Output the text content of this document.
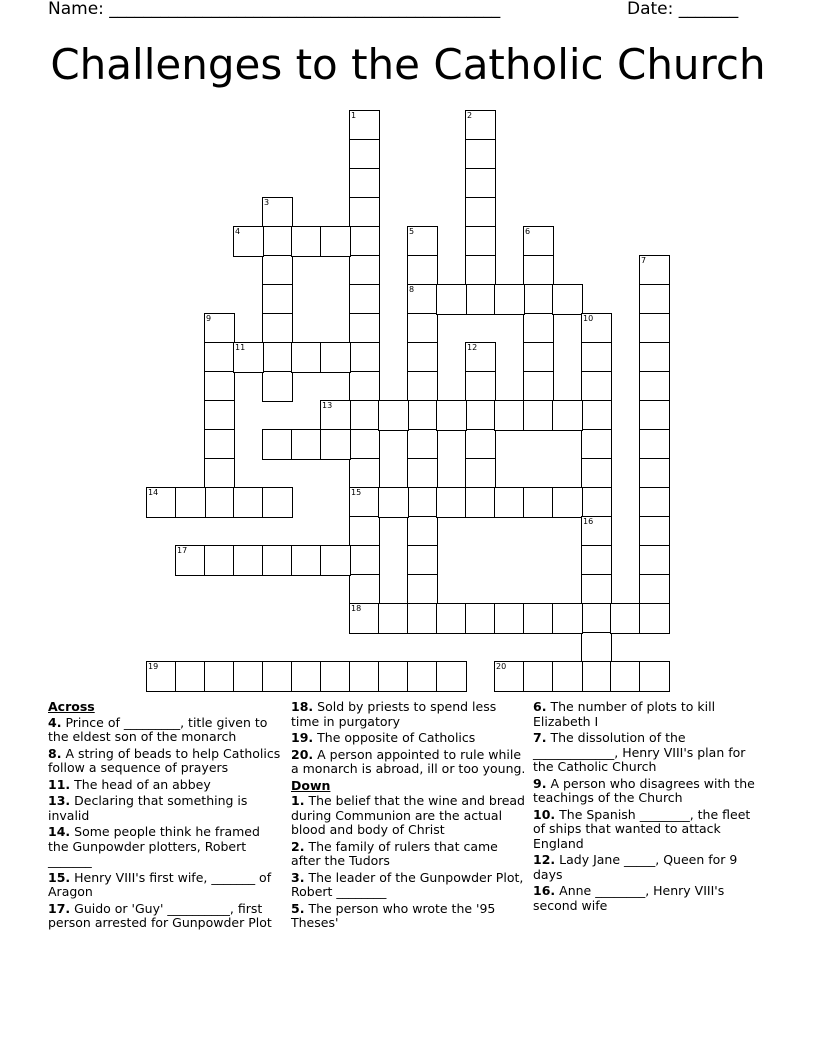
Name: ______________________________________________	Date: _______
Challenges to the Catholic Church
1
15
2
3
4	5
8
6
7
9	10
11	12
13
14
16
17
18
19	20
Across
4. Prince of _________, title given to the eldest son of the monarch
8. A string of beads to help Catholics follow a sequence of prayers
11. The head of an abbey
13. Declaring that something is invalid
14. Some people think he framed the Gunpowder plotters, Robert _______
15. Henry VIII's first wife, _______ of Aragon
17. Guido or 'Guy' __________, first person arrested for Gunpowder Plot
18. Sold by priests to spend less time in purgatory
19. The opposite of Catholics
20. A person appointed to rule while a monarch is abroad, ill or too young.
Down
1. The belief that the wine and bread during Communion are the actual blood and body of Christ
2. The family of rulers that came after the Tudors
3. The leader of the Gunpowder Plot, Robert ________
5. The person who wrote the '95 Theses'
6. The number of plots to kill Elizabeth I
7. The dissolution of the _____________, Henry VIII's plan for the Catholic Church
9. A person who disagrees with the teachings of the Church
10. The Spanish ________, the fleet of ships that wanted to attack England
12. Lady Jane _____, Queen for 9 days
16. Anne ________, Henry VIII's second wife
